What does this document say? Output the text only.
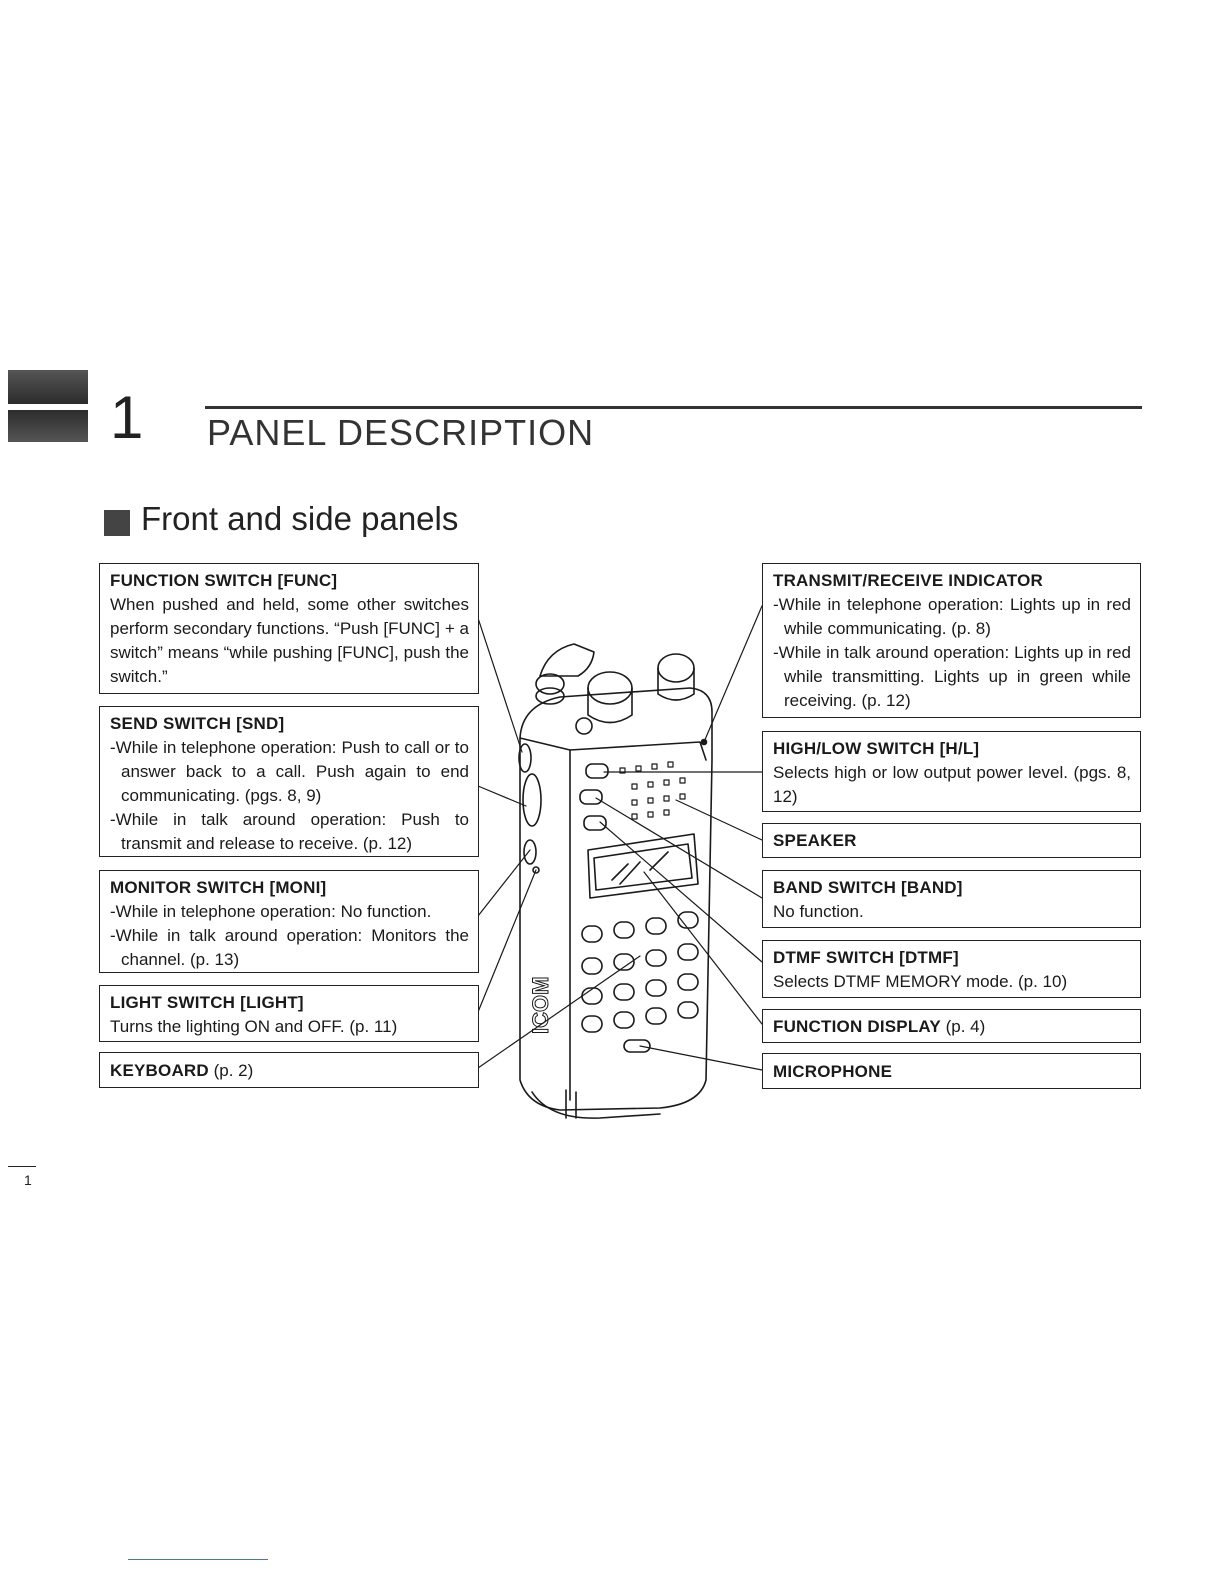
1 PANEL DESCRIPTION
Front and side panels
ICOM
FUNCTION SWITCH [FUNC]
When pushed and held, some other switches perform secondary functions. “Push [FUNC] + a switch” means “while pushing [FUNC], push the switch.”
SEND SWITCH [SND]
-While in telephone operation: Push to call or to answer back to a call. Push again to end communicating. (pgs. 8, 9)
-While in talk around operation: Push to transmit and release to receive. (p. 12)
MONITOR SWITCH [MONI]
-While in telephone operation: No function.
-While in talk around operation: Monitors the channel. (p. 13)
LIGHT SWITCH [LIGHT]
Turns the lighting ON and OFF. (p. 11)
KEYBOARD (p. 2)
TRANSMIT/RECEIVE INDICATOR
-While in telephone operation: Lights up in red while communicating. (p. 8)
-While in talk around operation: Lights up in red while transmitting. Lights up in green while receiving. (p. 12)
HIGH/LOW SWITCH [H/L]
Selects high or low output power level. (pgs. 8, 12)
SPEAKER
BAND SWITCH [BAND]
No function.
DTMF SWITCH [DTMF]
Selects DTMF MEMORY mode. (p. 10)
FUNCTION DISPLAY (p. 4)
MICROPHONE
1
